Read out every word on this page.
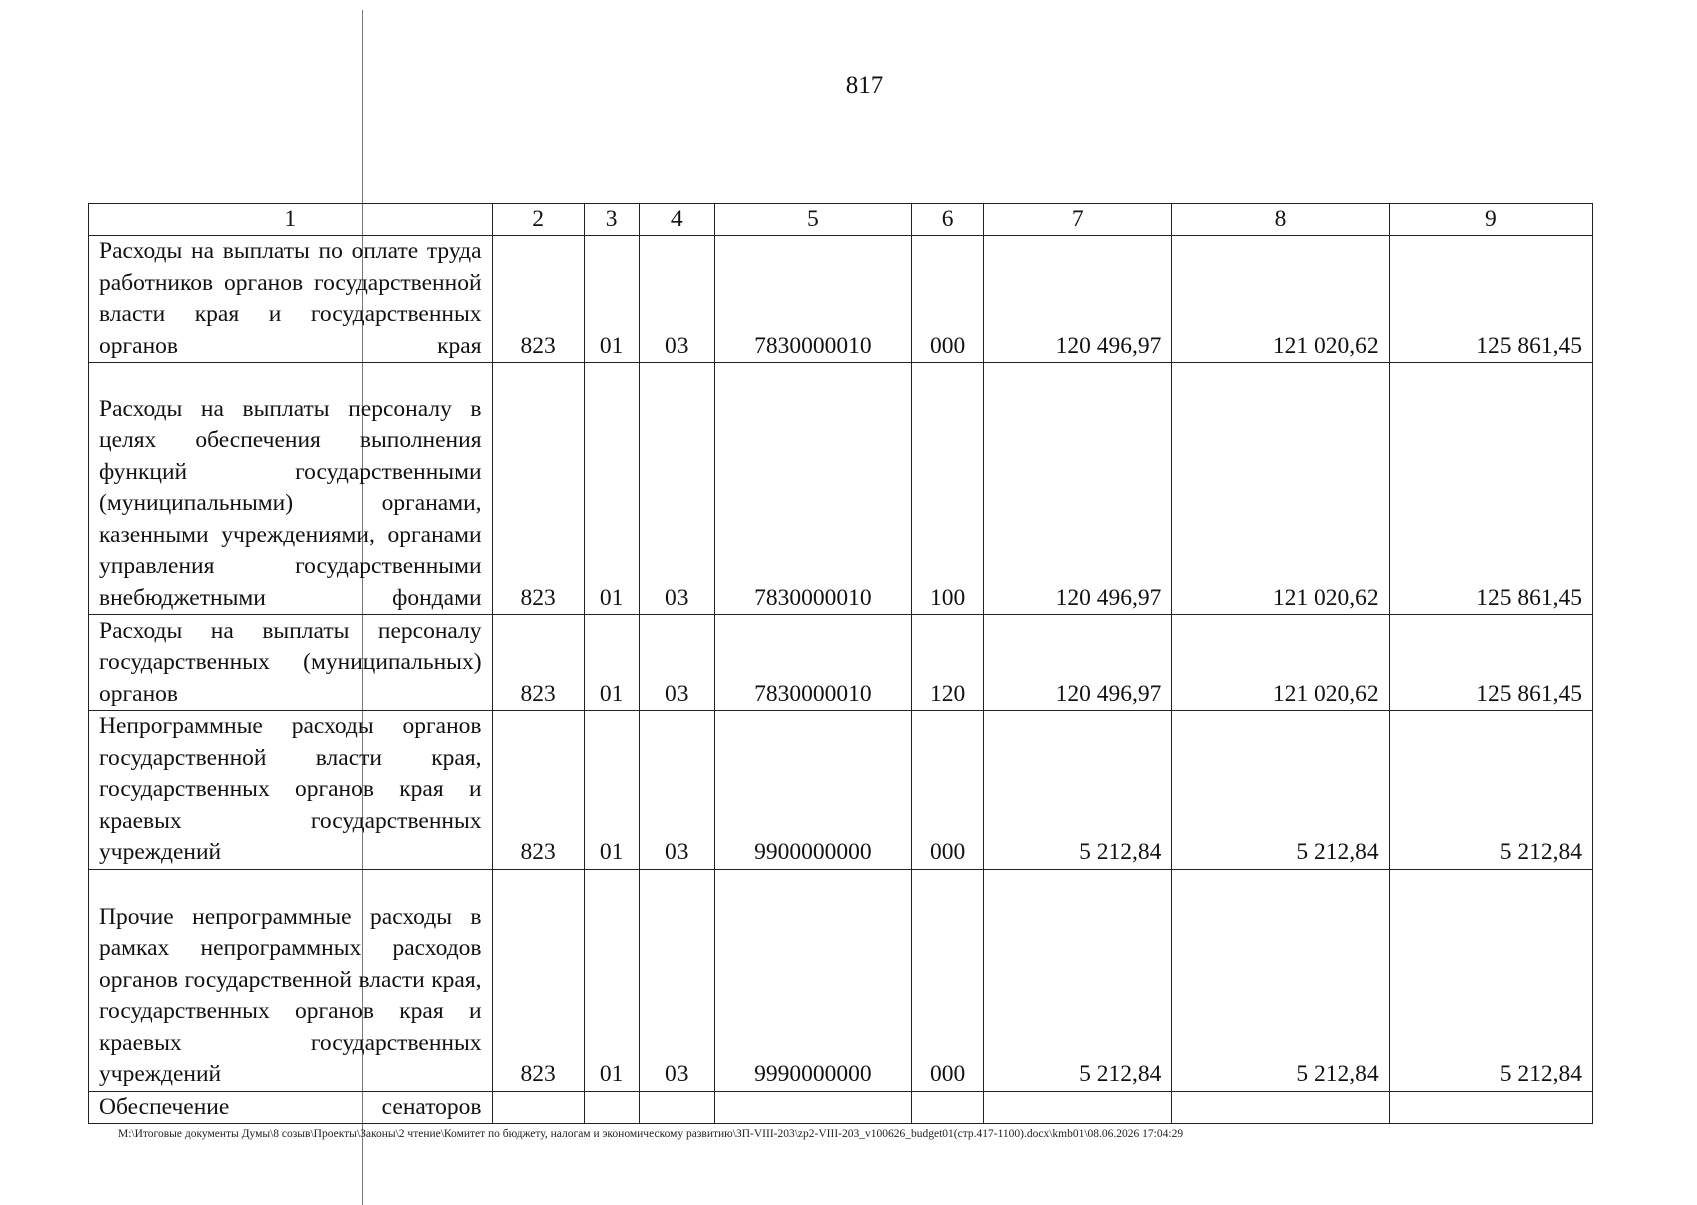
817
1	2	3	4	5	6	7	8	9
Расходы на выплаты по оплате труда работников органов государственной власти края и государственных органов края	823	01	03	7830000010	000	120 496,97	121 020,62	125 861,45
Расходы на выплаты персоналу в целях обеспечения выполнения функций государственными (муниципальными) органами, казенными учреждениями, органами управления государственными внебюджетными фондами	823	01	03	7830000010	100	120 496,97	121 020,62	125 861,45
Расходы на выплаты персоналу государственных (муниципальных) органов	823	01	03	7830000010	120	120 496,97	121 020,62	125 861,45
Непрограммные расходы органов государственной власти края, государственных органов края и краевых государственных учреждений	823	01	03	9900000000	000	5 212,84	5 212,84	5 212,84
Прочие непрограммные расходы в рамках непрограммных расходов органов государственной власти края, государственных органов края и краевых государственных учреждений	823	01	03	9990000000	000	5 212,84	5 212,84	5 212,84
Обеспечение сенаторов								
M:\Итоговые документы Думы\8 созыв\Проекты\Законы\2 чтение\Комитет по бюджету, налогам и экономическому развитию\ЗП-VIII-203\zp2-VIII-203_v100626_budget01(стр.417-1100).docx\kmb01\08.06.2026 17:04:29
